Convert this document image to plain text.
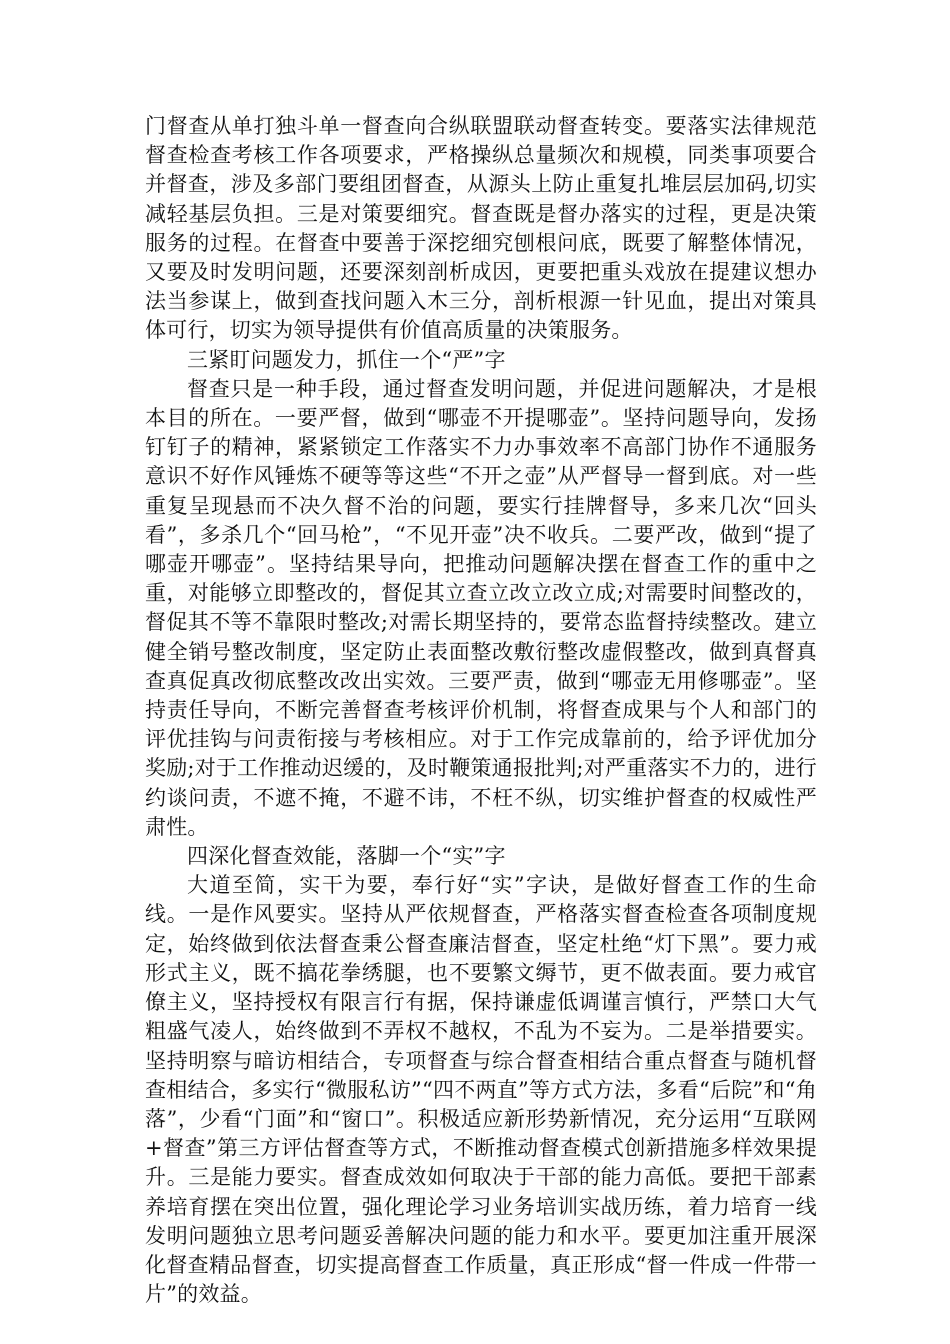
门督查从单打独斗单一督查向合纵联盟联动督查转变。要落实法律规范督查检查考核工作各项要求，严格操纵总量频次和规模，同类事项要合并督查，涉及多部门要组团督查，从源头上防止重复扎堆层层加码,切实减轻基层负担。三是对策要细究。督查既是督办落实的过程，更是决策服务的过程。在督查中要善于深挖细究刨根问底，既要了解整体情况，又要及时发明问题，还要深刻剖析成因，更要把重头戏放在提建议想办法当参谋上，做到查找问题入木三分，剖析根源一针见血，提出对策具体可行，切实为领导提供有价值高质量的决策服务。

三紧盯问题发力，抓住一个“严”字

督查只是一种手段，通过督查发明问题，并促进问题解决，才是根本目的所在。一要严督，做到“哪壶不开提哪壶”。坚持问题导向，发扬钉钉子的精神，紧紧锁定工作落实不力办事效率不高部门协作不通服务意识不好作风锤炼不硬等等这些“不开之壶”从严督导一督到底。对一些重复呈现悬而不决久督不治的问题，要实行挂牌督导，多来几次“回头看”，多杀几个“回马枪”，“不见开壶”决不收兵。二要严改，做到“提了哪壶开哪壶”。坚持结果导向，把推动问题解决摆在督查工作的重中之重，对能够立即整改的，督促其立查立改立改立成;对需要时间整改的，督促其不等不靠限时整改;对需长期坚持的，要常态监督持续整改。建立健全销号整改制度，坚定防止表面整改敷衍整改虚假整改，做到真督真查真促真改彻底整改改出实效。三要严责，做到“哪壶无用修哪壶”。坚持责任导向，不断完善督查考核评价机制，将督查成果与个人和部门的评优挂钩与问责衔接与考核相应。对于工作完成靠前的，给予评优加分奖励;对于工作推动迟缓的，及时鞭策通报批判;对严重落实不力的，进行约谈问责，不遮不掩，不避不讳，不枉不纵，切实维护督查的权威性严肃性。

四深化督查效能，落脚一个“实”字

大道至简，实干为要，奉行好“实”字诀，是做好督查工作的生命线。一是作风要实。坚持从严依规督查，严格落实督查检查各项制度规定，始终做到依法督查秉公督查廉洁督查，坚定杜绝“灯下黑”。要力戒形式主义，既不搞花拳绣腿，也不要繁文缛节，更不做表面。要力戒官僚主义，坚持授权有限言行有据，保持谦虚低调谨言慎行，严禁口大气粗盛气凌人，始终做到不弄权不越权，不乱为不妄为。二是举措要实。坚持明察与暗访相结合，专项督查与综合督查相结合重点督查与随机督查相结合，多实行“微服私访”“四不两直”等方式方法，多看“后院”和“角落”，少看“门面”和“窗口”。积极适应新形势新情况，充分运用“互联网+督查”第三方评估督查等方式，不断推动督查模式创新措施多样效果提升。三是能力要实。督查成效如何取决于干部的能力高低。要把干部素养培育摆在突出位置，强化理论学习业务培训实战历练，着力培育一线发明问题独立思考问题妥善解决问题的能力和水平。要更加注重开展深化督查精品督查，切实提高督查工作质量，真正形成“督一件成一件带一片”的效益。
